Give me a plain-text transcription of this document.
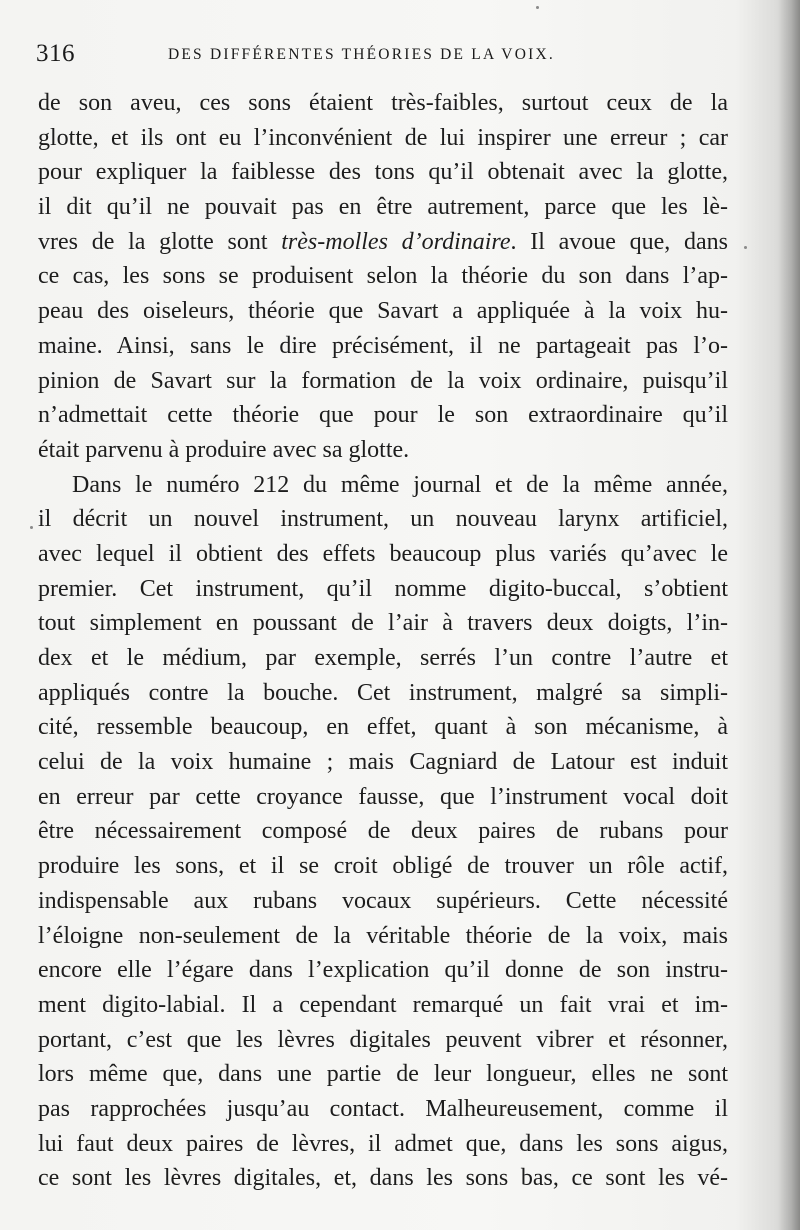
316	DES DIFFÉRENTES THÉORIES DE LA VOIX.
de son aveu, ces sons étaient très-faibles, surtout ceux de la
glotte, et ils ont eu l’inconvénient de lui inspirer une erreur ; car
pour expliquer la faiblesse des tons qu’il obtenait avec la glotte,
il dit qu’il ne pouvait pas en être autrement, parce que les lè-
vres de la glotte sont très-molles d’ordinaire. Il avoue que, dans
ce cas, les sons se produisent selon la théorie du son dans l’ap-
peau des oiseleurs, théorie que Savart a appliquée à la voix hu-
maine. Ainsi, sans le dire précisément, il ne partageait pas l’o-
pinion de Savart sur la formation de la voix ordinaire, puisqu’il
n’admettait cette théorie que pour le son extraordinaire qu’il
était parvenu à produire avec sa glotte.
Dans le numéro 212 du même journal et de la même année,
il décrit un nouvel instrument, un nouveau larynx artificiel,
avec lequel il obtient des effets beaucoup plus variés qu’avec le
premier. Cet instrument, qu’il nomme digito-buccal, s’obtient
tout simplement en poussant de l’air à travers deux doigts, l’in-
dex et le médium, par exemple, serrés l’un contre l’autre et
appliqués contre la bouche. Cet instrument, malgré sa simpli-
cité, ressemble beaucoup, en effet, quant à son mécanisme, à
celui de la voix humaine ; mais Cagniard de Latour est induit
en erreur par cette croyance fausse, que l’instrument vocal doit
être nécessairement composé de deux paires de rubans pour
produire les sons, et il se croit obligé de trouver un rôle actif,
indispensable aux rubans vocaux supérieurs. Cette nécessité
l’éloigne non-seulement de la véritable théorie de la voix, mais
encore elle l’égare dans l’explication qu’il donne de son instru-
ment digito-labial. Il a cependant remarqué un fait vrai et im-
portant, c’est que les lèvres digitales peuvent vibrer et résonner,
lors même que, dans une partie de leur longueur, elles ne sont
pas rapprochées jusqu’au contact. Malheureusement, comme il
lui faut deux paires de lèvres, il admet que, dans les sons aigus,
ce sont les lèvres digitales, et, dans les sons bas, ce sont les vé-
